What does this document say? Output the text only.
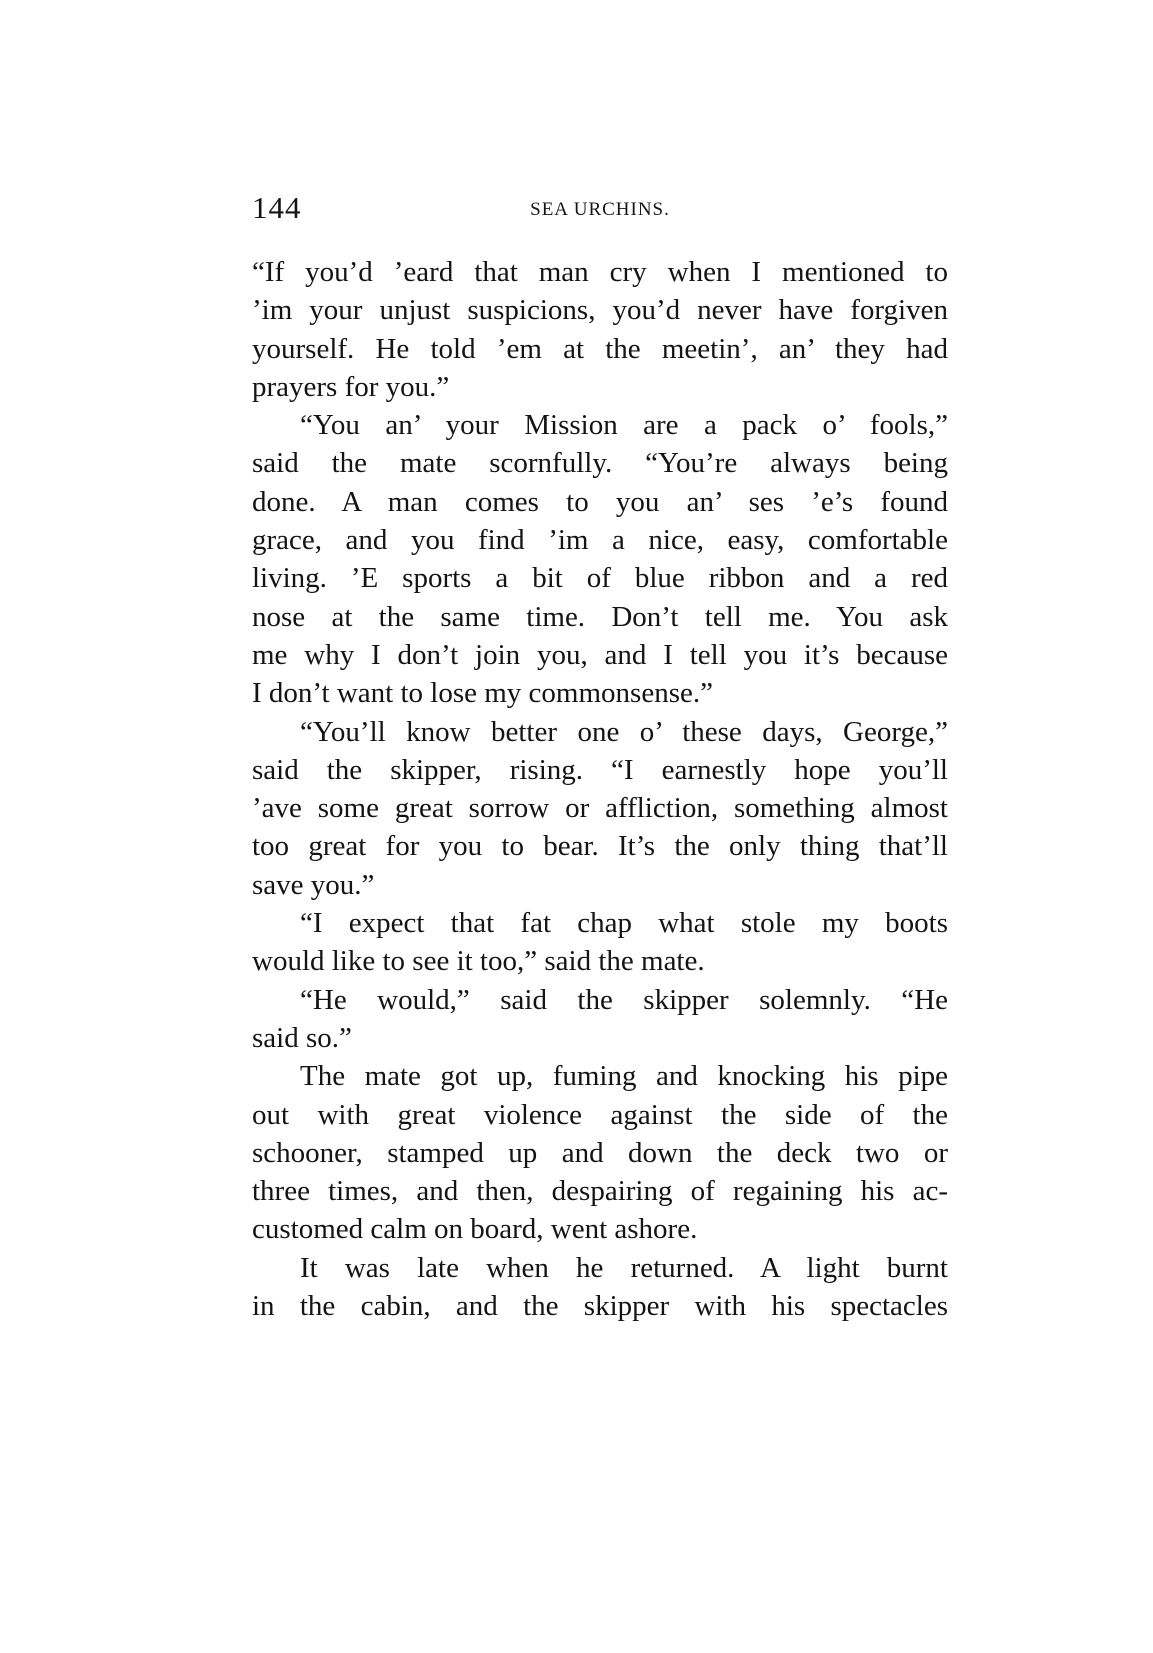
144	SEA URCHINS.
“If you’d ’eard that man cry when I mentioned to
’im your unjust suspicions, you’d never have forgiven
yourself. He told ’em at the meetin’, an’ they had
prayers for you.”
“You an’ your Mission are a pack o’ fools,”
said the mate scornfully. “You’re always being
done. A man comes to you an’ ses ’e’s found
grace, and you find ’im a nice, easy, comfortable
living. ’E sports a bit of blue ribbon and a red
nose at the same time. Don’t tell me. You ask
me why I don’t join you, and I tell you it’s because
I don’t want to lose my commonsense.”
“You’ll know better one o’ these days, George,”
said the skipper, rising. “I earnestly hope you’ll
’ave some great sorrow or affliction, something almost
too great for you to bear. It’s the only thing that’ll
save you.”
“I expect that fat chap what stole my boots
would like to see it too,” said the mate.
“He would,” said the skipper solemnly. “He
said so.”
The mate got up, fuming and knocking his pipe
out with great violence against the side of the
schooner, stamped up and down the deck two or
three times, and then, despairing of regaining his ac-
customed calm on board, went ashore.
It was late when he returned. A light burnt
in the cabin, and the skipper with his spectacles
